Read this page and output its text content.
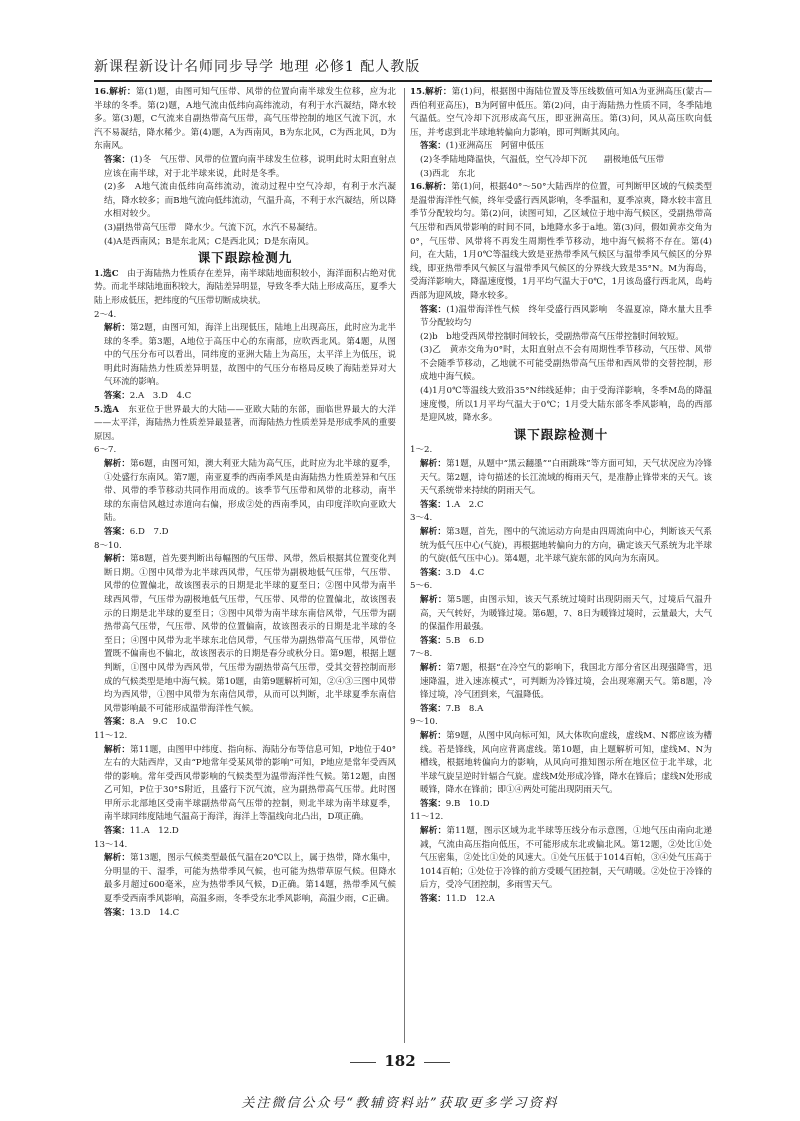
新课程新设计名师同步导学 地理 必修1 配人教版
16.解析：第(1)题，由图可知气压带、风带的位置向南半球发生位移，应为北半球的冬季。第(2)题，A地气流由低纬向高纬流动，有利于水汽凝结，降水较多。第(3)题，C气流来自副热带高气压带，高气压带控制的地区气流下沉，水汽不易凝结，降水稀少。第(4)题，A为西南风，B为东北风，C为西北风，D为东南风。
答案：(1)冬　气压带、风带的位置向南半球发生位移，说明此时太阳直射点应该在南半球，对于北半球来说，此时是冬季。
(2)多　A地气流由低纬向高纬流动，流动过程中空气冷却，有利于水汽凝结，降水较多；而B地气流向低纬流动，气温升高，不利于水汽凝结，所以降水相对较少。
(3)副热带高气压带　降水少。气流下沉，水汽不易凝结。
(4)A是西南风；B是东北风；C是西北风；D是东南风。
课下跟踪检测九
1.选C　由于海陆热力性质存在差异，南半球陆地面积较小，海洋面积占绝对优势。而北半球陆地面积较大，海陆差异明显，导致冬季大陆上形成高压，夏季大陆上形成低压，把纬度的气压带切断成块状。
2～4.
解析：第2题，由图可知，海洋上出现低压，陆地上出现高压，此时应为北半球的冬季。第3题，A地位于高压中心的东南部，应吹西北风。第4题，从图中的气压分布可以看出，同纬度的亚洲大陆上为高压，太平洋上为低压，说明此时海陆热力性质差异明显，故图中的气压分布格局反映了海陆差异对大气环流的影响。
答案：2.A　3.D　4.C
5.选A　东亚位于世界最大的大陆——亚欧大陆的东部，面临世界最大的大洋——太平洋，海陆热力性质差异最显著，而海陆热力性质差异是形成季风的重要原因。
6～7.
解析：第6题，由图可知，澳大利亚大陆为高气压，此时应为北半球的夏季，①处盛行东南风。第7题，南亚夏季的西南季风是由海陆热力性质差异和气压带、风带的季节移动共同作用而成的。该季节气压带和风带的北移动，南半球的东南信风越过赤道向右偏，形成②处的西南季风，由印度洋吹向亚欧大陆。
答案：6.D　7.D
8～10.
解析：第8题，首先要判断出每幅图的气压带、风带，然后根据其位置变化判断日期。①图中风带为北半球西风带，气压带为副极地低气压带，气压带、风带的位置偏北，故该图表示的日期是北半球的夏至日；②图中风带为南半球西风带，气压带为副极地低气压带，气压带、风带的位置偏北，故该图表示的日期是北半球的夏至日；③图中风带为南半球东南信风带，气压带为副热带高气压带，气压带、风带的位置偏南，故该图表示的日期是北半球的冬至日；④图中风带为北半球东北信风带，气压带为副热带高气压带，风带位置既不偏南也不偏北，故该图表示的日期是春分或秋分日。第9题，根据上题判断，①图中风带为西风带，气压带为副热带高气压带，受其交替控制而形成的气候类型是地中海气候。第10题，由第9题解析可知，②④③三图中风带均为西风带，①图中风带为东南信风带，从而可以判断，北半球夏季东南信风带影响最不可能形成温带海洋性气候。
答案：8.A　9.C　10.C
11～12.
解析：第11题，由图甲中纬度、指向标、海陆分布等信息可知，P地位于40°左右的大陆西岸，又由“P地常年受某风带的影响”可知，P地应是常年受西风带的影响。常年受西风带影响的气候类型为温带海洋性气候。第12题，由图乙可知，P位于30°S附近，且盛行下沉气流，应为副热带高气压带。此时图甲所示北部地区受南半球副热带高气压带的控制，则北半球为南半球夏季，南半球同纬度陆地气温高于海洋，海洋上等温线向北凸出，D项正确。
答案：11.A　12.D
13～14.
解析：第13题，图示气候类型最低气温在20℃以上，属于热带，降水集中，分明显的干、湿季，可能为热带季风气候，也可能为热带草原气候。但降水最多月超过600毫米，应为热带季风气候，D正确。第14题，热带季风气候夏季受西南季风影响，高温多雨，冬季受东北季风影响，高温少雨，C正确。
答案：13.D　14.C
15.解析：第(1)问，根据图中海陆位置及等压线数值可知A为亚洲高压(蒙古—西伯利亚高压)，B为阿留申低压。第(2)问，由于海陆热力性质不同，冬季陆地气温低。空气冷却下沉形成高气压，即亚洲高压。第(3)问，风从高压吹向低压，并考虑到北半球地转偏向力影响，即可判断其风向。
答案：(1)亚洲高压　阿留申低压
(2)冬季陆地降温快，气温低，空气冷却下沉　　副极地低气压带
(3)西北　东北
16.解析：第(1)问，根据40°～50°大陆西岸的位置，可判断甲区域的气候类型是温带海洋性气候，终年受盛行西风影响，冬季温和，夏季凉爽，降水较丰富且季节分配较均匀。第(2)问，读图可知，乙区域位于地中海气候区，受副热带高气压带和西风带影响的时间不同，b地降水多于a地。第(3)问，假如黄赤交角为0°，气压带、风带将不再发生周期性季节移动，地中海气候将不存在。第(4)问，在大陆，1月0℃等温线大致是亚热带季风气候区与温带季风气候区的分界线，即亚热带季风气候区与温带季风气候区的分界线大致是35°N。M为海岛，受海洋影响大，降温速度慢，1月平均气温大于0℃，1月该岛盛行西北风，岛屿西部为迎风坡，降水较多。
答案：(1)温带海洋性气候　终年受盛行西风影响　冬温夏凉，降水量大且季节分配较均匀
(2)b　b地受西风带控制时间较长，受副热带高气压带控制时间较短。
(3)乙　黄赤交角为0°时，太阳直射点不会有周期性季节移动，气压带、风带不会随季节移动，乙地就不可能受副热带高气压带和西风带的交替控制，形成地中海气候。
(4)1月0℃等温线大致沿35°N纬线延伸；由于受海洋影响，冬季M岛的降温速度慢，所以1月平均气温大于0℃；1月受大陆东部冬季风影响，岛的西部是迎风坡，降水多。
课下跟踪检测十
1～2.
解析：第1题，从题中“黑云翻墨”“白雨跳珠”等方面可知，天气状况应为冷锋天气。第2题，诗句描述的长江流域的梅雨天气，是准静止锋带来的天气。该天气系统带来持续的阴雨天气。
答案：1.A　2.C
3～4.
解析：第3题，首先，图中的气流运动方向是由四周流向中心，判断该天气系统为低气压中心(气旋)，再根据地转偏向力的方向，确定该天气系统为北半球的气旋(低气压中心)。第4题，北半球气旋东部的风向为东南风。
答案：3.D　4.C
5～6.
解析：第5题，由图示知，该天气系统过境时出现阴雨天气，过境后气温升高，天气转好，为暖锋过境。第6题，7、8日为暖锋过境时，云量最大，大气的保温作用最强。
答案：5.B　6.D
7～8.
解析：第7题，根据“在冷空气的影响下，我国北方部分省区出现强降雪，迅速降温，进入速冻模式”，可判断为冷锋过境，会出现寒潮天气。第8题，冷锋过境，冷气团到来，气温降低。
答案：7.B　8.A
9～10.
解析：第9题，从图中风向标可知，风大体吹向虚线，虚线M、N都应该为槽线。若是锋线，风向应背离虚线。第10题，由上题解析可知，虚线M、N为槽线，根据地转偏向力的影响，从风向可推知图示所在地区位于北半球，北半球气旋呈逆时针辐合气旋。虚线M处形成冷锋，降水在锋后；虚线N处形成暖锋，降水在锋前；即①④两处可能出现阴雨天气。
答案：9.B　10.D
11～12.
解析：第11题，图示区域为北半球等压线分布示意图，①地气压由南向北递减，气流由高压指向低压，不可能形成东北或偏北风。第12题，②处比①处气压密集，②处比①处的风速大。①处气压低于1014百帕，③④处气压高于1014百帕；①处位于冷锋的前方受暖气团控制，天气晴暖。②处位于冷锋的后方，受冷气团控制，多雨雪天气。
答案：11.D　12.A
182
关注微信公众号“教辅资料站”获取更多学习资料
